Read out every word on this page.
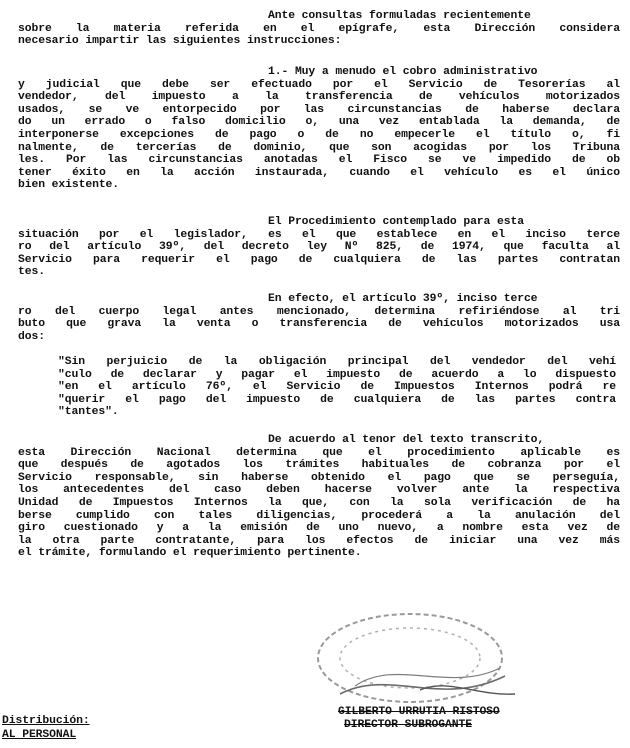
Ante consultas formuladas recientemente
sobre la materia referida en el epígrafe, esta Dirección considera
necesario impartir las siguientes instrucciones:
1.- Muy a menudo el cobro administrativo
y judicial que debe ser efectuado por el Servicio de Tesorerías al
vendedor, del impuesto a la transferencia de vehículos motorizados
usados, se ve entorpecido por las circunstancias de haberse declara
do un errado o falso domicilio o, una vez entablada la demanda, de
interponerse excepciones de pago o de no empecerle el título o, fi
nalmente, de tercerías de dominio, que son acogidas por los Tribuna
les. Por las circunstancias anotadas el Fisco se ve impedido de ob
tener éxito en la acción instaurada, cuando el vehículo es el único
bien existente.
El Procedimiento contemplado para esta
situación por el legislador, es el que establece en el inciso terce
ro del artículo 39º, del decreto ley Nº 825, de 1974, que faculta al
Servicio para requerir el pago de cualquiera de las partes contratan
tes.
En efecto, el artículo 39º, inciso terce
ro del cuerpo legal antes mencionado, determina refiriéndose al tri
buto que grava la venta o transferencia de vehículos motorizados usa
dos:
"Sin perjuicio de la obligación principal del vendedor del vehí
"culo de declarar y pagar el impuesto de acuerdo a lo dispuesto
"en el artículo 76º, el Servicio de Impuestos Internos podrá re
"querir el pago del impuesto de cualquiera de las partes contra
"tantes".
De acuerdo al tenor del texto transcrito,
esta Dirección Nacional determina que el procedimiento aplicable es
que después de agotados los trámites habituales de cobranza por el
Servicio responsable, sin haberse obtenido el pago que se perseguía,
los antecedentes del caso deben hacerse volver ante la respectiva
Unidad de Impuestos Internos la que, con la sola verificación de ha
berse cumplido con tales diligencias, procederá a la anulación del
giro cuestionado y a la emisión de uno nuevo, a nombre esta vez de
la otra parte contratante, para los efectos de iniciar una vez más
el trámite, formulando el requerimiento pertinente.
GILBERTO URRUTIA RISTOSO
DIRECTOR SUBROGANTE
Distribución:
AL PERSONAL
